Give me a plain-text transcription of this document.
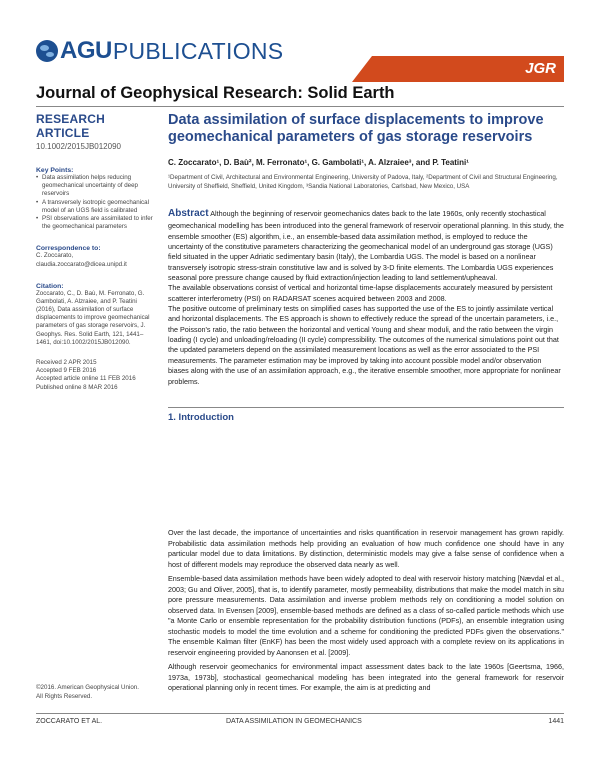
AGU PUBLICATIONS
JGR
Journal of Geophysical Research: Solid Earth
RESEARCH ARTICLE
10.1002/2015JB012090
Key Points:
• Data assimilation helps reducing geomechanical uncertainty of deep reservoirs
• A transversely isotropic geomechanical model of an UGS field is calibrated
• PSI observations are assimilated to infer the geomechanical parameters
Correspondence to:
C. Zoccarato, claudia.zoccarato@dicea.unipd.it
Citation:
Zoccarato, C., D. Baù, M. Ferronato, G. Gambolati, A. Alzraiee, and P. Teatini (2016), Data assimilation of surface displacements to improve geomechanical parameters of gas storage reservoirs, J. Geophys. Res. Solid Earth, 121, 1441–1461, doi:10.1002/2015JB012090.
Received 2 APR 2015
Accepted 9 FEB 2016
Accepted article online 11 FEB 2016
Published online 8 MAR 2016
©2016. American Geophysical Union.
All Rights Reserved.
Data assimilation of surface displacements to improve geomechanical parameters of gas storage reservoirs
C. Zoccarato¹, D. Baù², M. Ferronato¹, G. Gambolati¹, A. Alzraiee³, and P. Teatini¹
¹Department of Civil, Architectural and Environmental Engineering, University of Padova, Italy, ²Department of Civil and Structural Engineering, University of Sheffield, Sheffield, United Kingdom, ³Sandia National Laboratories, Carlsbad, New Mexico, USA

Abstract Although the beginning of reservoir geomechanics dates back to the late 1960s, only recently stochastical geomechanical modelling has been introduced into the general framework of reservoir operational planning. In this study, the ensemble smoother (ES) algorithm, i.e., an ensemble-based data assimilation method, is employed to reduce the uncertainty of the constitutive parameters characterizing the geomechanical model of an underground gas storage (UGS) field situated in the upper Adriatic sedimentary basin (Italy), the Lombardia UGS. The model is based on a nonlinear transversely isotropic stress-strain constitutive law and is solved by 3-D finite elements. The Lombardia UGS experiences seasonal pore pressure change caused by fluid extraction/injection leading to land settlement/upheaval.

The available observations consist of vertical and horizontal time-lapse displacements accurately measured by persistent scatterer interferometry (PSI) on RADARSAT scenes acquired between 2003 and 2008.

The positive outcome of preliminary tests on simplified cases has supported the use of the ES to jointly assimilate vertical and horizontal displacements. The ES approach is shown to effectively reduce the spread of the uncertain parameters, i.e., the Poisson's ratio, the ratio between the horizontal and vertical Young and shear moduli, and the ratio between the virgin loading (I cycle) and unloading/reloading (II cycle) compressibility. The outcomes of the numerical simulations point out that the updated parameters depend on the assimilated measurement locations as well as the error associated to the PSI measurements. The parameter estimation may be improved by taking into account possible model and/or observation biases along with the use of an assimilation approach, e.g., the iterative ensemble smoother, more appropriate for nonlinear problems.

1. Introduction

Over the last decade, the importance of uncertainties and risks quantification in reservoir management has grown rapidly. Probabilistic data assimilation methods help providing an evaluation of how much confidence one should have in any particular model due to data limitations. By distinction, deterministic models may give a false sense of confidence when a host of different models may reproduce the observed data nearly as well.

Ensemble-based data assimilation methods have been widely adopted to deal with reservoir history matching [Nævdal et al., 2003; Gu and Oliver, 2005], that is, to identify parameter, mostly permeability, distributions that make the model match in situ pore pressure measurements. Data assimilation and inverse problem methods rely on conditioning a model solution on observed data. In Evensen [2009], ensemble-based methods are defined as a class of so-called particle methods which use "a Monte Carlo or ensemble representation for the probability distribution functions (PDFs), an ensemble integration using stochastic models to model the time evolution and a scheme for conditioning the predicted PDFs given the observations." The ensemble Kalman filter (EnKF) has been the most widely used approach with a complete review on its applications in reservoir engineering provided by Aanonsen et al. [2009].

Although reservoir geomechanics for environmental impact assessment dates back to the late 1960s [Geertsma, 1966, 1973a, 1973b], stochastical geomechanical modeling has been integrated into the general framework for reservoir operational planning only in recent times. For example, the aim is at predicting and

ZOCCARATO ET AL.	DATA ASSIMILATION IN GEOMECHANICS	1441
